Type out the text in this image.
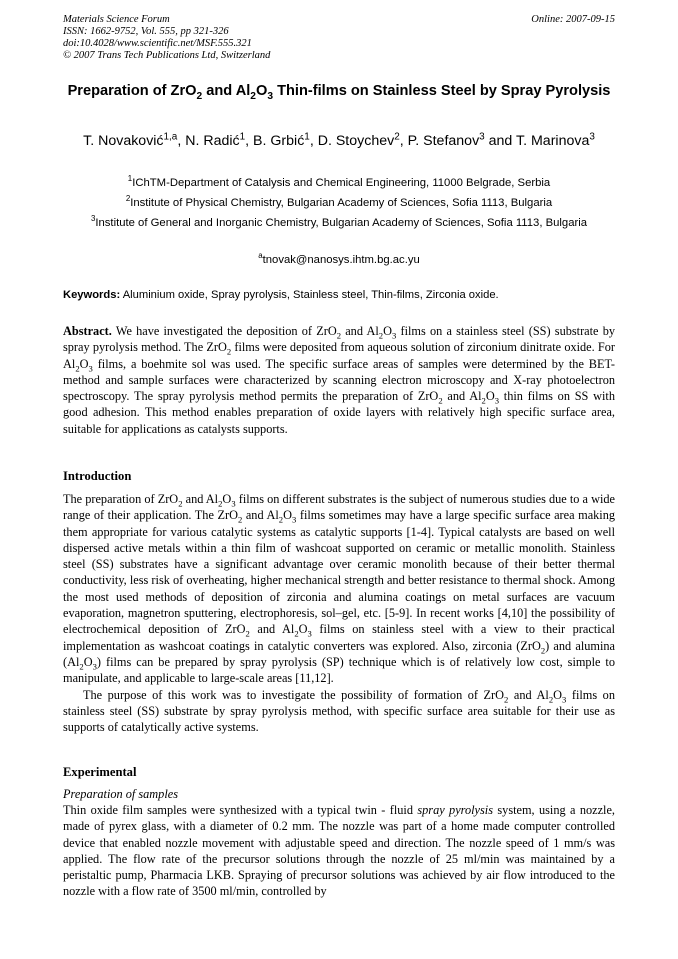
Materials Science Forum
ISSN: 1662-9752, Vol. 555, pp 321-326
doi:10.4028/www.scientific.net/MSF.555.321
© 2007 Trans Tech Publications Ltd, Switzerland
Online: 2007-09-15
Preparation of ZrO$_2$ and $Al_2O_3$ Thin-films on Stainless Steel by Spray Pyrolysis
T. Novaković$^{1,a}$, N. Radić$^1$, B. Grbić$^1$, D. Stoychev$^2$, P. Stefanov$^3$ and T. Marinova$^3$
$^1$IChTM-Department of Catalysis and Chemical Engineering, 11000 Belgrade, Serbia
$^2$Institute of Physical Chemistry, Bulgarian Academy of Sciences, Sofia 1113, Bulgaria
$^3$Institute of General and Inorganic Chemistry, Bulgarian Academy of Sciences, Sofia 1113, Bulgaria
$^a$tnovak@nanosys.ihtm.bg.ac.yu
Keywords: Aluminium oxide, Spray pyrolysis, Stainless steel, Thin-films, Zirconia oxide.
Abstract. We have investigated the deposition of ZrO$_2$ and $Al_2O_3$ films on a stainless steel (SS) substrate by spray pyrolysis method. The ZrO$_2$ films were deposited from aqueous solution of zirconium dinitrate oxide. For $Al_2O_3$ films, a boehmite sol was used. The specific surface areas of samples were determined by the BET-method and sample surfaces were characterized by scanning electron microscopy and X-ray photoelectron spectroscopy. The spray pyrolysis method permits the preparation of ZrO$_2$ and $Al_2O_3$ thin films on SS with good adhesion. This method enables preparation of oxide layers with relatively high specific surface area, suitable for applications as catalysts supports.
Introduction

The preparation of ZrO$_2$ and $Al_2O_3$ films on different substrates is the subject of numerous studies due to a wide range of their application. The ZrO$_2$ and $Al_2O_3$ films sometimes may have a large specific surface area making them appropriate for various catalytic systems as catalytic supports [1-4]. Typical catalysts are based on well dispersed active metals within a thin film of washcoat supported on ceramic or metallic monolith. Stainless steel (SS) substrates have a significant advantage over ceramic monolith because of their better thermal conductivity, less risk of overheating, higher mechanical strength and better resistance to thermal shock. Among the most used methods of deposition of zirconia and alumina coatings on metal surfaces are vacuum evaporation, magnetron sputtering, electrophoresis, sol–gel, etc. [5-9]. In recent works [4,10] the possibility of electrochemical deposition of ZrO$_2$ and $Al_2O_3$ films on stainless steel with a view to their practical implementation as washcoat coatings in catalytic converters was explored. Also, zirconia (ZrO$_2$) and alumina $(Al_2O_3)$ films can be prepared by spray pyrolysis (SP) technique which is of relatively low cost, simple to manipulate, and applicable to large-scale areas [11,12].

The purpose of this work was to investigate the possibility of formation of ZrO$_2$ and $Al_2O_3$ films on stainless steel (SS) substrate by spray pyrolysis method, with specific surface area suitable for their use as supports of catalytically active systems.

Experimental
Preparation of samples
Thin oxide film samples were synthesized with a typical twin - fluid spray pyrolysis system, using a nozzle, made of pyrex glass, with a diameter of 0.2 mm. The nozzle was part of a home made computer controlled device that enabled nozzle movement with adjustable speed and direction. The nozzle speed of 1 mm/s was applied. The flow rate of the precursor solutions through the nozzle of 25 ml/min was maintained by a peristaltic pump, Pharmacia LKB. Spraying of precursor solutions was achieved by air flow introduced to the nozzle with a flow rate of 3500 ml/min, controlled by
